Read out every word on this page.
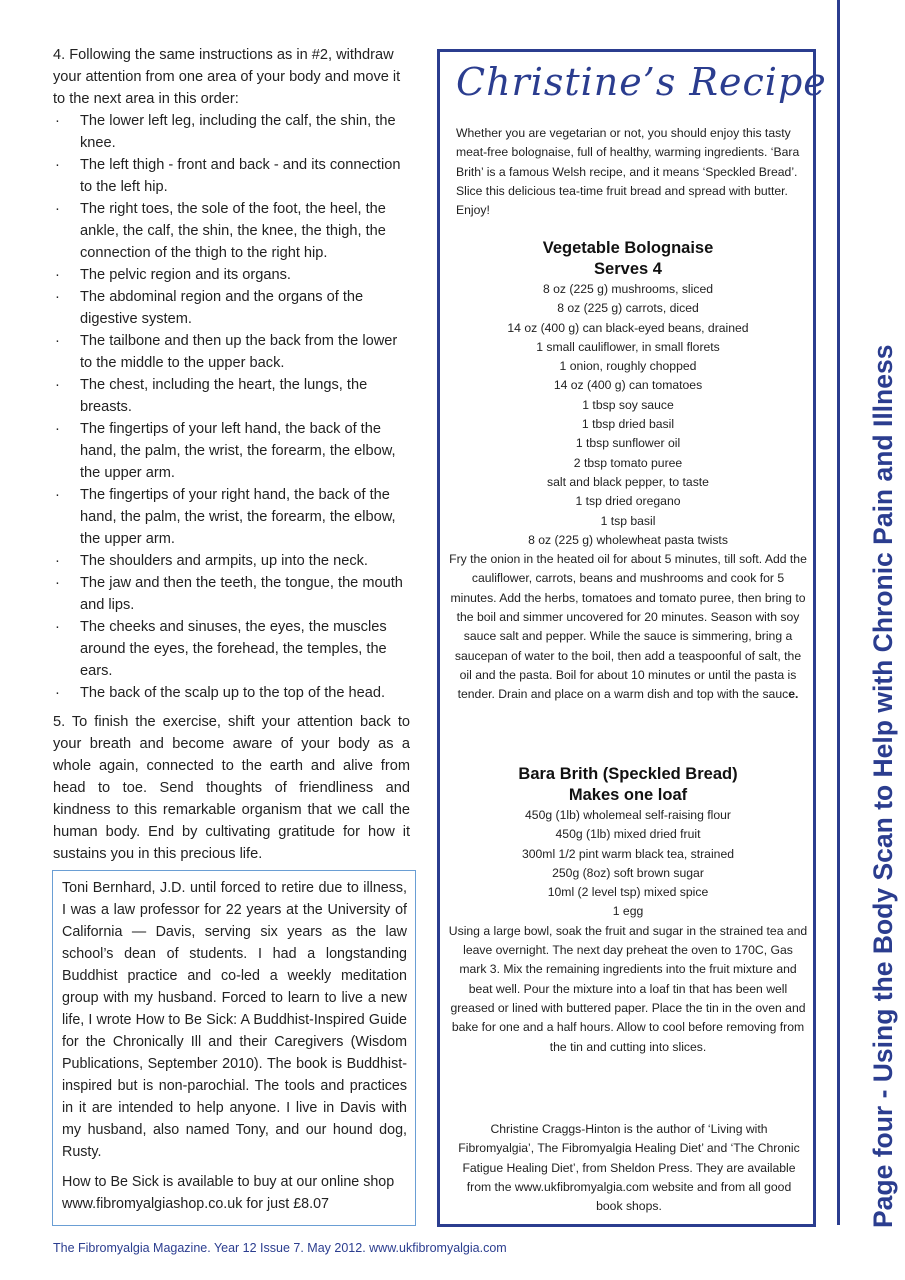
4. Following the same instructions as in #2, withdraw your attention from one area of your body and move it to the next area in this order:

· The lower left leg, including the calf, the shin, the knee.
· The left thigh - front and back - and its connection to the left hip.
· The right toes, the sole of the foot, the heel, the ankle, the calf, the shin, the knee, the thigh, the connection of the thigh to the right hip.
· The pelvic region and its organs.
· The abdominal region and the organs of the digestive system.
· The tailbone and then up the back from the lower to the middle to the upper back.
· The chest, including the heart, the lungs, the breasts.
· The fingertips of your left hand, the back of the hand, the palm, the wrist, the forearm, the elbow, the upper arm.
· The fingertips of your right hand, the back of the hand, the palm, the wrist, the forearm, the elbow, the upper arm.
· The shoulders and armpits, up into the neck.
· The jaw and then the teeth, the tongue, the mouth and lips.
· The cheeks and sinuses, the eyes, the muscles around the eyes, the forehead, the temples, the ears.
· The back of the scalp up to the top of the head.

5. To finish the exercise, shift your attention back to your breath and become aware of your body as a whole again, connected to the earth and alive from head to toe. Send thoughts of friendliness and kindness to this remarkable organism that we call the human body. End by cultivating gratitude for how it sustains you in this precious life.

Toni Bernhard, J.D. until forced to retire due to illness, I was a law professor for 22 years at the University of California — Davis, serving six years as the law school’s dean of students. I had a longstanding Buddhist practice and co-led a weekly meditation group with my husband. Forced to learn to live a new life, I wrote How to Be Sick: A Buddhist-Inspired Guide for the Chronically Ill and their Caregivers (Wisdom Publications, September 2010). The book is Buddhist-inspired but is non-parochial. The tools and practices in it are intended to help anyone. I live in Davis with my husband, also named Tony, and our hound dog, Rusty.

How to Be Sick is available to buy at our online shop www.fibromyalgiashop.co.uk for just £8.07

Christine’s Recipe

Whether you are vegetarian or not, you should enjoy this tasty meat-free bolognaise, full of healthy, warming ingredients. ‘Bara Brith’ is a famous Welsh recipe, and it means ‘Speckled Bread’. Slice this delicious tea-time fruit bread and spread with butter. Enjoy!

Vegetable Bolognaise
Serves 4
8 oz (225 g) mushrooms, sliced
8 oz (225 g) carrots, diced
14 oz (400 g) can black-eyed beans, drained
1 small cauliflower, in small florets
1 onion, roughly chopped
14 oz (400 g) can tomatoes
1 tbsp soy sauce
1 tbsp dried basil
1 tbsp sunflower oil
2 tbsp tomato puree
salt and black pepper, to taste
1 tsp dried oregano
1 tsp basil
8 oz (225 g) wholewheat pasta twists

Fry the onion in the heated oil for about 5 minutes, till soft. Add the cauliflower, carrots, beans and mushrooms and cook for 5 minutes. Add the herbs, tomatoes and tomato puree, then bring to the boil and simmer uncovered for 20 minutes. Season with soy sauce salt and pepper. While the sauce is simmering, bring a saucepan of water to the boil, then add a teaspoonful of salt, the oil and the pasta. Boil for about 10 minutes or until the pasta is tender. Drain and place on a warm dish and top with the sauce.

Bara Brith (Speckled Bread)
Makes one loaf
450g (1lb) wholemeal self-raising flour
450g (1lb) mixed dried fruit
300ml 1/2 pint warm black tea, strained
250g (8oz) soft brown sugar
10ml (2 level tsp) mixed spice
1 egg

Using a large bowl, soak the fruit and sugar in the strained tea and leave overnight. The next day preheat the oven to 170C, Gas mark 3. Mix the remaining ingredients into the fruit mixture and beat well. Pour the mixture into a loaf tin that has been well greased or lined with buttered paper. Place the tin in the oven and bake for one and a half hours. Allow to cool before removing from the tin and cutting into slices.

Christine Craggs-Hinton is the author of ‘Living with Fibromyalgia’, The Fibromyalgia Healing Diet’ and ‘The Chronic Fatigue Healing Diet’, from Sheldon Press. They are available from the www.ukfibromyalgia.com website and from all good book shops.	Page four - Using the Body Scan to Help with Chronic Pain and Illness
The Fibromyalgia Magazine. Year 12 Issue 7. May 2012. www.ukfibromyalgia.com
